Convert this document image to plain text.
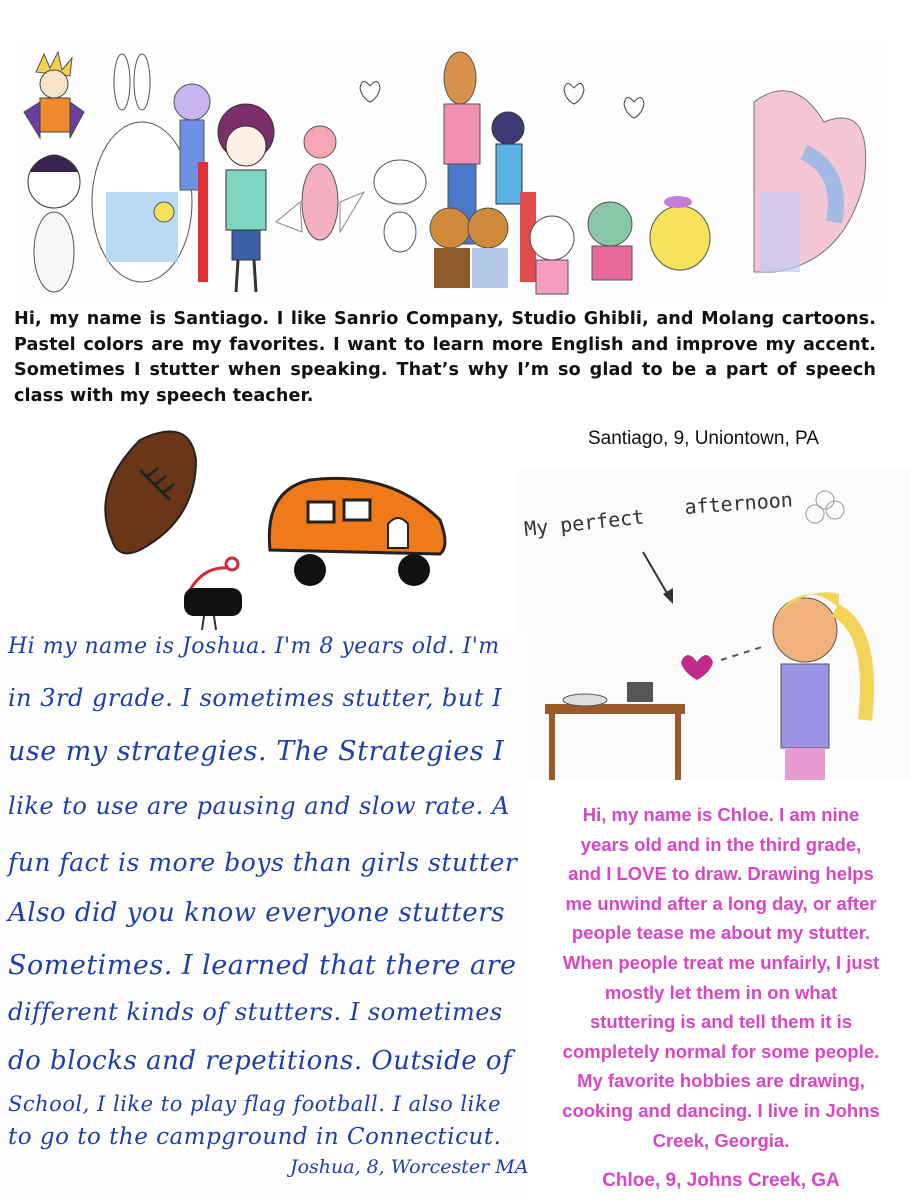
Hi, my name is Santiago. I like Sanrio Company, Studio Ghibli, and Molang cartoons. Pastel colors are my favorites. I want to learn more English and improve my accent. Sometimes I stutter when speaking. That’s why I’m so glad to be a part of speech class with my speech teacher.
Santiago, 9, Uniontown, PA
My perfect
afternoon
Hi my name is Joshua. I'm 8 years old. I'm
in 3rd grade. I sometimes stutter, but I
use my strategies. The Strategies I
like to use are pausing and slow rate. A
fun fact is more boys than girls stutter
Also did you know everyone stutters
Sometimes. I learned that there are
different kinds of stutters. I sometimes
do blocks and repetitions. Outside of
School, I like to play flag football. I also like
to go to the campground in Connecticut.
Joshua, 8, Worcester MA
Hi, my name is Chloe. I am nine years old and in the third grade, and I LOVE to draw. Drawing helps me unwind after a long day, or after people tease me about my stutter. When people treat me unfairly, I just mostly let them in on what stuttering is and tell them it is completely normal for some people. My favorite hobbies are drawing, cooking and dancing. I live in Johns Creek, Georgia.
Chloe, 9, Johns Creek, GA
